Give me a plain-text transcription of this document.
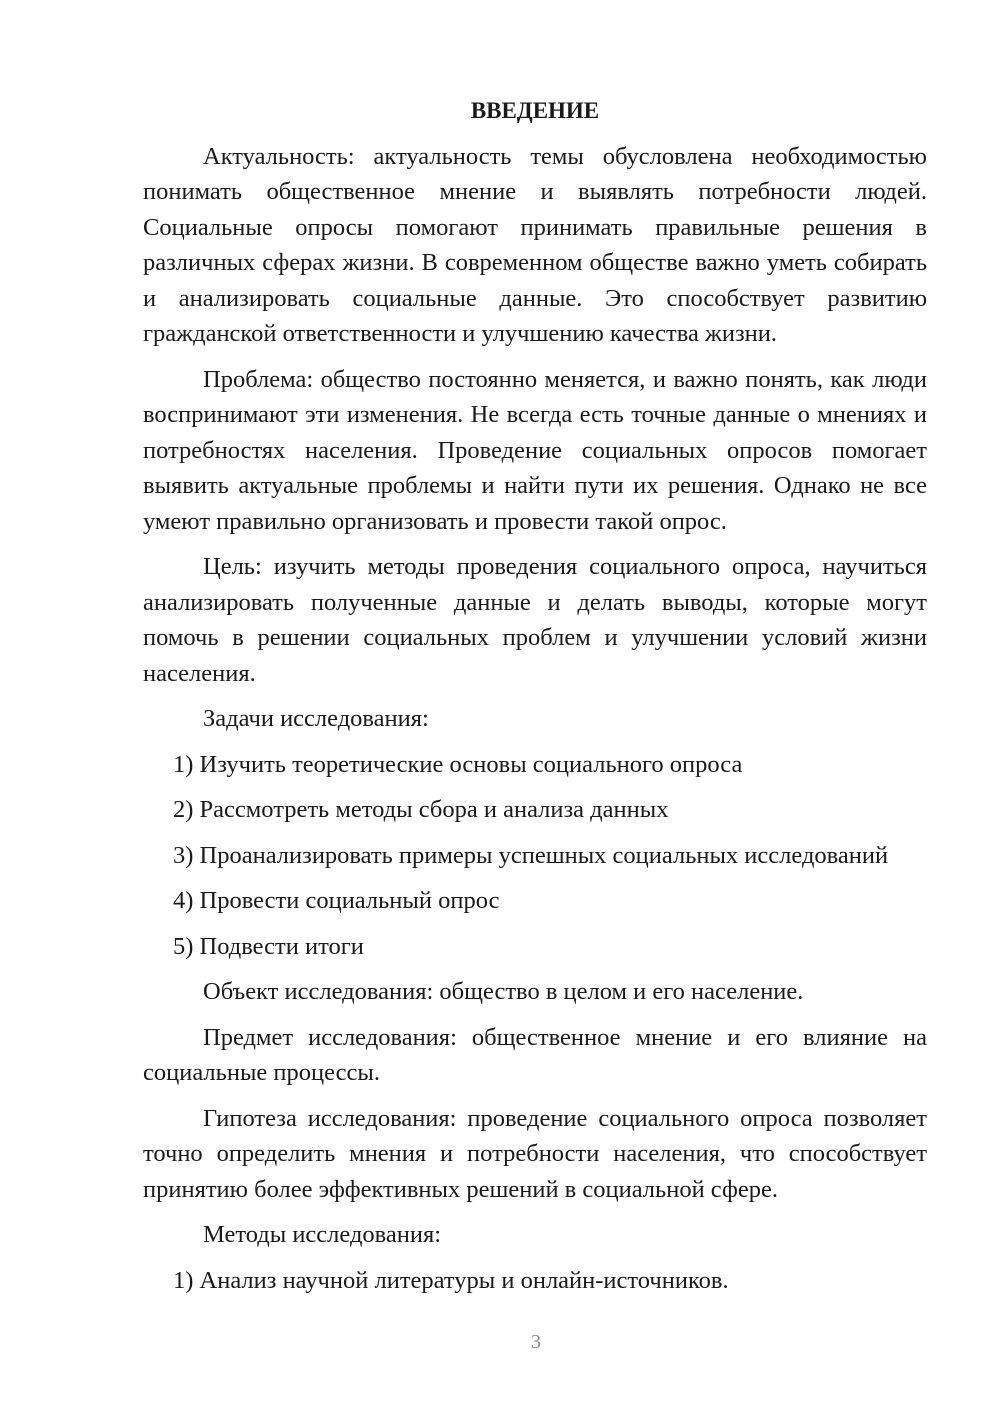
ВВЕДЕНИЕ
Актуальность: актуальность темы обусловлена необходимостью понимать общественное мнение и выявлять потребности людей. Социальные опросы помогают принимать правильные решения в различных сферах жизни. В современном обществе важно уметь собирать и анализировать социальные данные. Это способствует развитию гражданской ответственности и улучшению качества жизни.
Проблема: общество постоянно меняется, и важно понять, как люди воспринимают эти изменения. Не всегда есть точные данные о мнениях и потребностях населения. Проведение социальных опросов помогает выявить актуальные проблемы и найти пути их решения. Однако не все умеют правильно организовать и провести такой опрос.
Цель: изучить методы проведения социального опроса, научиться анализировать полученные данные и делать выводы, которые могут помочь в решении социальных проблем и улучшении условий жизни населения.
Задачи исследования:
1) Изучить теоретические основы социального опроса
2) Рассмотреть методы сбора и анализа данных
3) Проанализировать примеры успешных социальных исследований
4) Провести социальный опрос
5) Подвести итоги
Объект исследования: общество в целом и его население.
Предмет исследования: общественное мнение и его влияние на социальные процессы.
Гипотеза исследования: проведение социального опроса позволяет точно определить мнения и потребности населения, что способствует принятию более эффективных решений в социальной сфере.
Методы исследования:
1) Анализ научной литературы и онлайн-источников.
3
